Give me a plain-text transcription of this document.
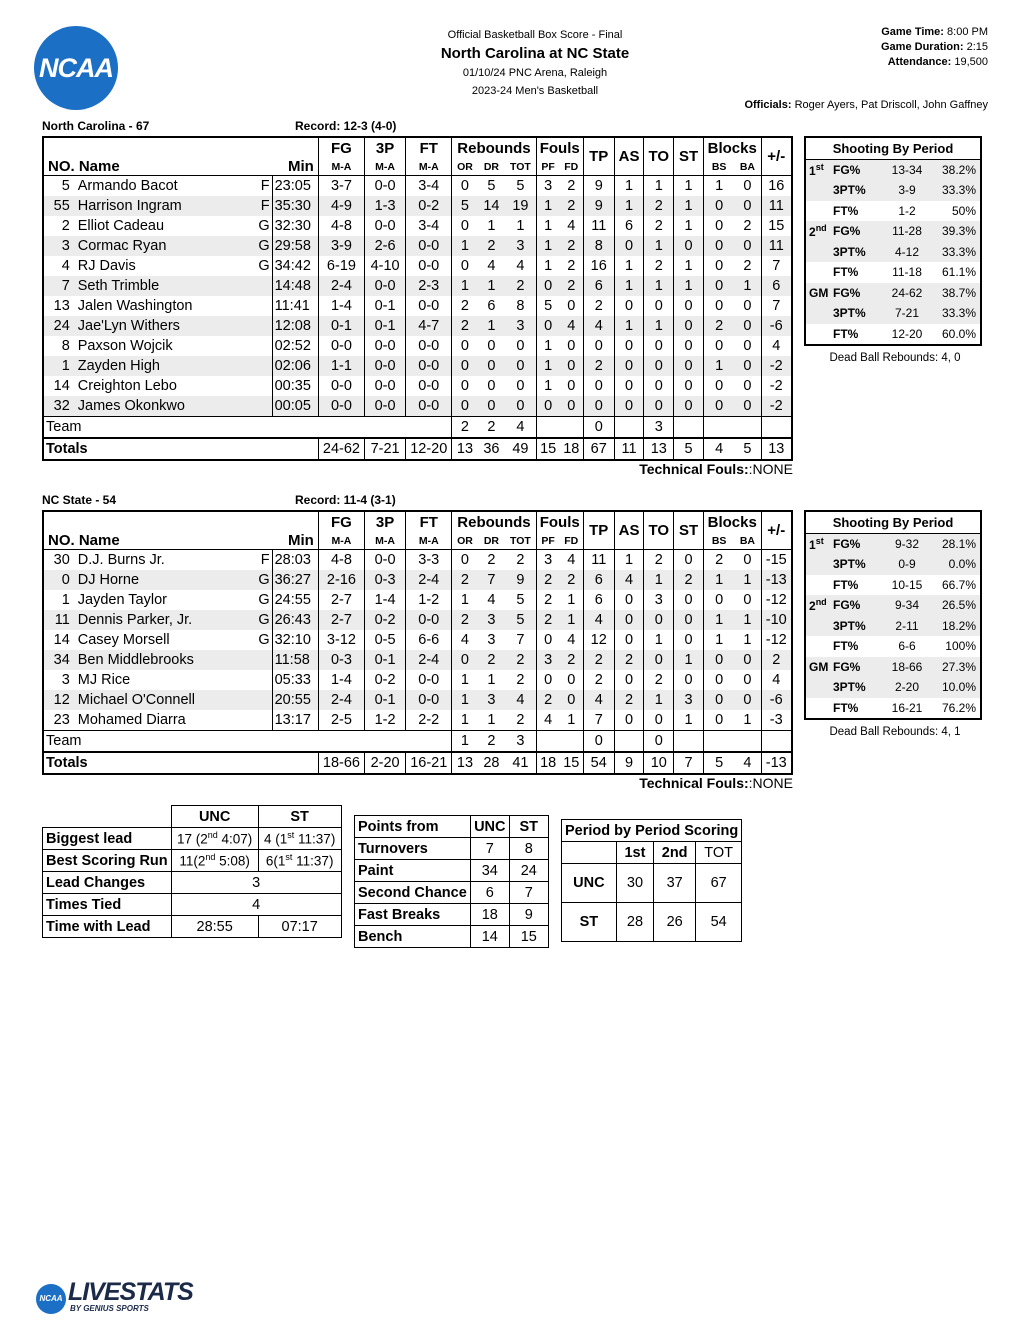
NCAA
Official Basketball Box Score - Final
North Carolina at NC State
01/10/24 PNC Arena, Raleigh
2023-24 Men's Basketball
Game Time: 8:00 PM
Game Duration: 2:15
Attendance: 19,500
Officials: Roger Ayers, Pat Driscoll, John Gaffney
North Carolina - 67	Record: 12-3 (4-0)
			FG	3P	FT	Rebounds			Fouls		TP	AS	TO	ST	Blocks		+/-
NO. Name		Min	M-A	M-A	M-A	OR	DR	TOT	PF	FD					BS	BA	
5	Armando Bacot F	23:05	3-7	0-0	3-4	0	5	5	3	2	9	1	1	1	1	0	16
55	Harrison Ingram F	35:30	4-9	1-3	0-2	5	14	19	1	2	9	1	2	1	0	0	11
2	Elliot Cadeau G	32:30	4-8	0-0	3-4	0	1	1	1	4	11	6	2	1	0	2	15
3	Cormac Ryan G	29:58	3-9	2-6	0-0	1	2	3	1	2	8	0	1	0	0	0	11
4	RJ Davis G	34:42	6-19	4-10	0-0	0	4	4	1	2	16	1	2	1	0	2	7
7	Seth Trimble	14:48	2-4	0-0	2-3	1	1	2	0	2	6	1	1	1	0	1	6
13	Jalen Washington	11:41	1-4	0-1	0-0	2	6	8	5	0	2	0	0	0	0	0	7
24	Jae'Lyn Withers	12:08	0-1	0-1	4-7	2	1	3	0	4	4	1	1	0	2	0	-6
8	Paxson Wojcik	02:52	0-0	0-0	0-0	0	0	0	1	0	0	0	0	0	0	0	4
1	Zayden High	02:06	1-1	0-0	0-0	0	0	0	1	0	2	0	0	0	1	0	-2
14	Creighton Lebo	00:35	0-0	0-0	0-0	0	0	0	1	0	0	0	0	0	0	0	-2
32	James Okonkwo	00:05	0-0	0-0	0-0	0	0	0	0	0	0	0	0	0	0	0	-2
Team						2	2	4			0		3				
Totals			24-62	7-21	12-20	13	36	49	15	18	67	11	13	5	4	5	13
Technical Fouls::NONE
Shooting By Period			
1st	FG%	13-34	38.2%
	3PT%	3-9	33.3%
	FT%	1-2	50%
2nd	FG%	11-28	39.3%
	3PT%	4-12	33.3%
	FT%	11-18	61.1%
GM	FG%	24-62	38.7%
	3PT%	7-21	33.3%
	FT%	12-20	60.0%
Dead Ball Rebounds: 4, 0
NC State - 54	Record: 11-4 (3-1)
			FG	3P	FT	Rebounds			Fouls		TP	AS	TO	ST	Blocks		+/-
NO. Name		Min	M-A	M-A	M-A	OR	DR	TOT	PF	FD					BS	BA	
30	D.J. Burns Jr. F	28:03	4-8	0-0	3-3	0	2	2	3	4	11	1	2	0	2	0	-15
0	DJ Horne G	36:27	2-16	0-3	2-4	2	7	9	2	2	6	4	1	2	1	1	-13
1	Jayden Taylor G	24:55	2-7	1-4	1-2	1	4	5	2	1	6	0	3	0	0	0	-12
11	Dennis Parker, Jr. G	26:43	2-7	0-2	0-0	2	3	5	2	1	4	0	0	0	1	1	-10
14	Casey Morsell G	32:10	3-12	0-5	6-6	4	3	7	0	4	12	0	1	0	1	1	-12
34	Ben Middlebrooks	11:58	0-3	0-1	2-4	0	2	2	3	2	2	2	0	1	0	0	2
3	MJ Rice	05:33	1-4	0-2	0-0	1	1	2	0	0	2	0	2	0	0	0	4
12	Michael O'Connell	20:55	2-4	0-1	0-0	1	3	4	2	0	4	2	1	3	0	0	-6
23	Mohamed Diarra	13:17	2-5	1-2	2-2	1	1	2	4	1	7	0	0	1	0	1	-3
Team						1	2	3			0		0				
Totals			18-66	2-20	16-21	13	28	41	18	15	54	9	10	7	5	4	-13
Technical Fouls::NONE
Shooting By Period			
1st	FG%	9-32	28.1%
	3PT%	0-9	0.0%
	FT%	10-15	66.7%
2nd	FG%	9-34	26.5%
	3PT%	2-11	18.2%
	FT%	6-6	100%
GM	FG%	18-66	27.3%
	3PT%	2-20	10.0%
	FT%	16-21	76.2%
Dead Ball Rebounds: 4, 1
	UNC	ST
Biggest lead	17 (2nd 4:07)	4 (1st 11:37)
Best Scoring Run	11(2nd 5:08)	6(1st 11:37)
Lead Changes	3	
Times Tied	4	
Time with Lead	28:55	07:17
Points from	UNC	ST
Turnovers	7	8
Paint	34	24
Second Chance	6	7
Fast Breaks	18	9
Bench	14	15
Period by Period Scoring			
	1st	2nd	TOT
UNC	30	37	67
ST	28	26	54
NCAA LIVESTATS
BY GENIUS SPORTS
